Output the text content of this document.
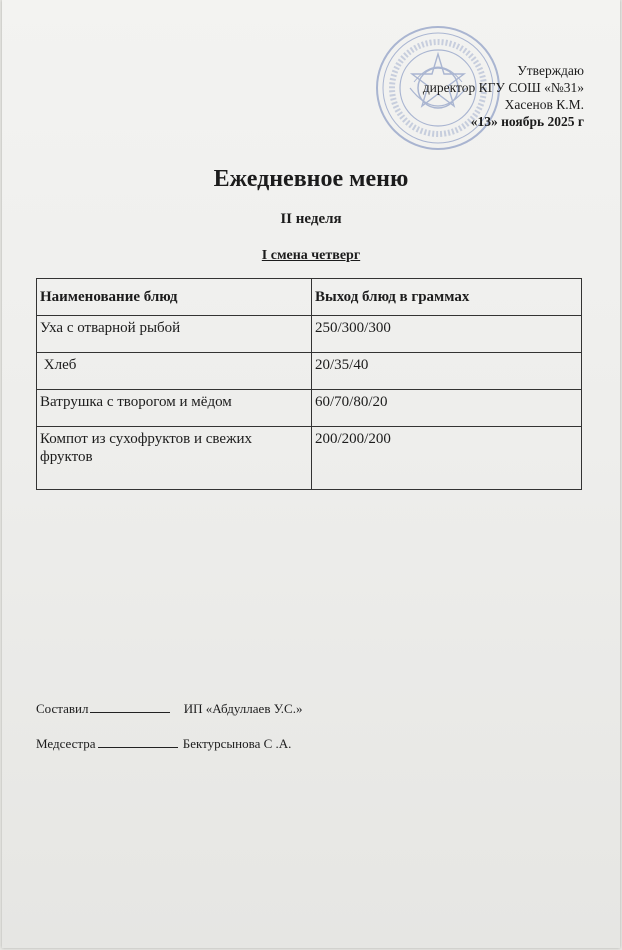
Утверждаю
директор КГУ СОШ «№31»
Хасенов К.М.
«13» ноябрь 2025 г
Ежедневное меню
II неделя
I смена четверг
Наименование блюд	Выход блюд в граммах
Уха с отварной рыбой	250/300/300
Хлеб	20/35/40
Ватрушка с творогом и мёдом	60/70/80/20
Компот из сухофруктов и свежих фруктов	200/200/200
Составил	ИП «Абдуллаев У.С.»
Медсестра	Бектурсынова С .А.
